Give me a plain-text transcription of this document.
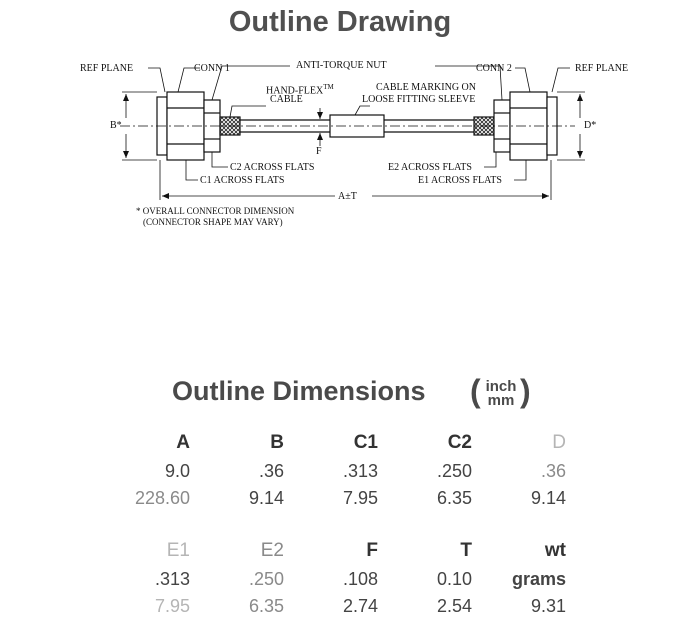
Outline Drawing
REF PLANE	CONN 1	ANTI-TORQUE NUT	CONN 2	REF PLANE
HAND-FLEX™
CABLE
CABLE MARKING ON
LOOSE FITTING SLEEVE
B*	D*
F
C2 ACROSS FLATS
C1 ACROSS FLATS
E2 ACROSS FLATS
E1 ACROSS FLATS
A±T
* OVERALL CONNECTOR DIMENSION
(CONNECTOR SHAPE MAY VARY)
Outline Dimensions ( inch
mm )
A	B	C1	C2	D
9.0	.36	.313	.250	.36
228.60	9.14	7.95	6.35	9.14
E1	E2	F	T	wt
.313	.250	.108	0.10	grams
7.95	6.35	2.74	2.54	9.31
